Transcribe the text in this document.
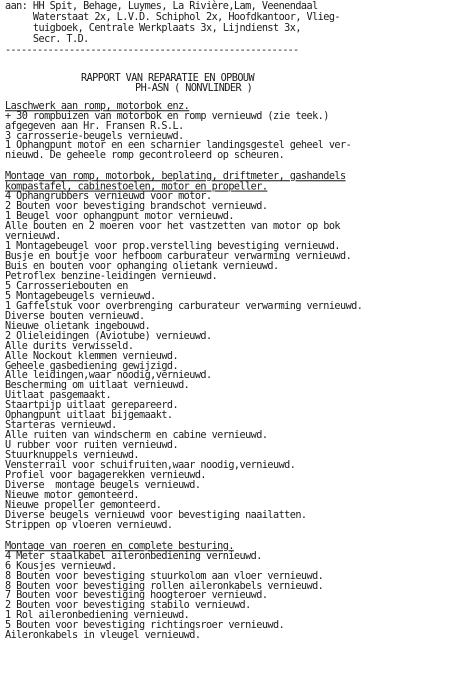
aan: HH Spit, Behage, Luymes, La Rivière,Lam, Veenendaal
Waterstaat 2x, L.V.D. Schiphol 2x, Hoofdkantoor, Vlieg-
tuigboek, Centrale Werkplaats 3x, Lijndienst 3x,
Secr. T.D.
-------------------------------------------------------
RAPPORT VAN REPARATIE EN OPBOUW
PH-ASN ( NONVLINDER )
Laschwerk aan romp, motorbok enz.
+ 30 rompbuizen van motorbok en romp vernieuwd (zie teek.)
afgegeven aan Hr. Fransen R.S.L.
3 carrosserie-beugels vernieuwd.
1 Ophangpunt motor en een scharnier landingsgestel geheel ver-
nieuwd. De geheele romp gecontroleerd op scheuren.
Montage van romp, motorbok, beplating, driftmeter, gashandels
kompastafel, cabinestoelen, motor en propeller.
4 Ophangrubbers vernieuwd voor motor.
2 Bouten voor bevestiging brandschot vernieuwd.
1 Beugel voor ophangpunt motor vernieuwd.
Alle bouten en 2 moeren voor het vastzetten van motor op bok
vernieuwd.
1 Montagebeugel voor prop.verstelling bevestiging vernieuwd.
Busje en boutje voor hefboom carburateur verwarming vernieuwd.
Buis en bouten voor ophanging olietank vernieuwd.
Petroflex benzine-leidingen vernieuwd.
5 Carrosseriebouten en
5 Montagebeugels vernieuwd.
1 Gaffelstuk voor overbrenging carburateur verwarming vernieuwd.
Diverse bouten vernieuwd.
Nieuwe olietank ingebouwd.
2 Olieleidingen (Aviotube) vernieuwd.
Alle durits verwisseld.
Alle Nockout klemmen vernieuwd.
Geheele gasbediening gewijzigd.
Alle leidingen,waar noodig,vernieuwd.
Bescherming om uitlaat vernieuwd.
Uitlaat pasgemaakt.
Staartpijp uitlaat gerepareerd.
Ophangpunt uitlaat bijgemaakt.
Starteras vernieuwd.
Alle ruiten van windscherm en cabine vernieuwd.
U rubber voor ruiten vernieuwd.
Stuurknuppels vernieuwd.
Vensterrail voor schuifruiten,waar noodig,vernieuwd.
Profiel voor bagagerekken vernieuwd.
Diverse  montage beugels vernieuwd.
Nieuwe motor gemonteerd.
Nieuwe propeller gemonteerd.
Diverse beugels vernieuwd voor bevestiging naailatten.
Strippen op vloeren vernieuwd.
Montage van roeren en complete besturing.
4 Meter staalkabel aileronbediening vernieuwd.
6 Kousjes vernieuwd.
8 Bouten voor bevestiging stuurkolom aan vloer vernieuwd.
8 Bouten voor bevestiging rollen aileronkabels vernieuwd.
7 Bouten voor bevestiging hoogteroer vernieuwd.
2 Bouten voor bevestiging stabilo vernieuwd.
1 Rol aileronbediening vernieuwd.
5 Bouten voor bevestiging richtingsroer vernieuwd.
Aileronkabels in vleugel vernieuwd.
